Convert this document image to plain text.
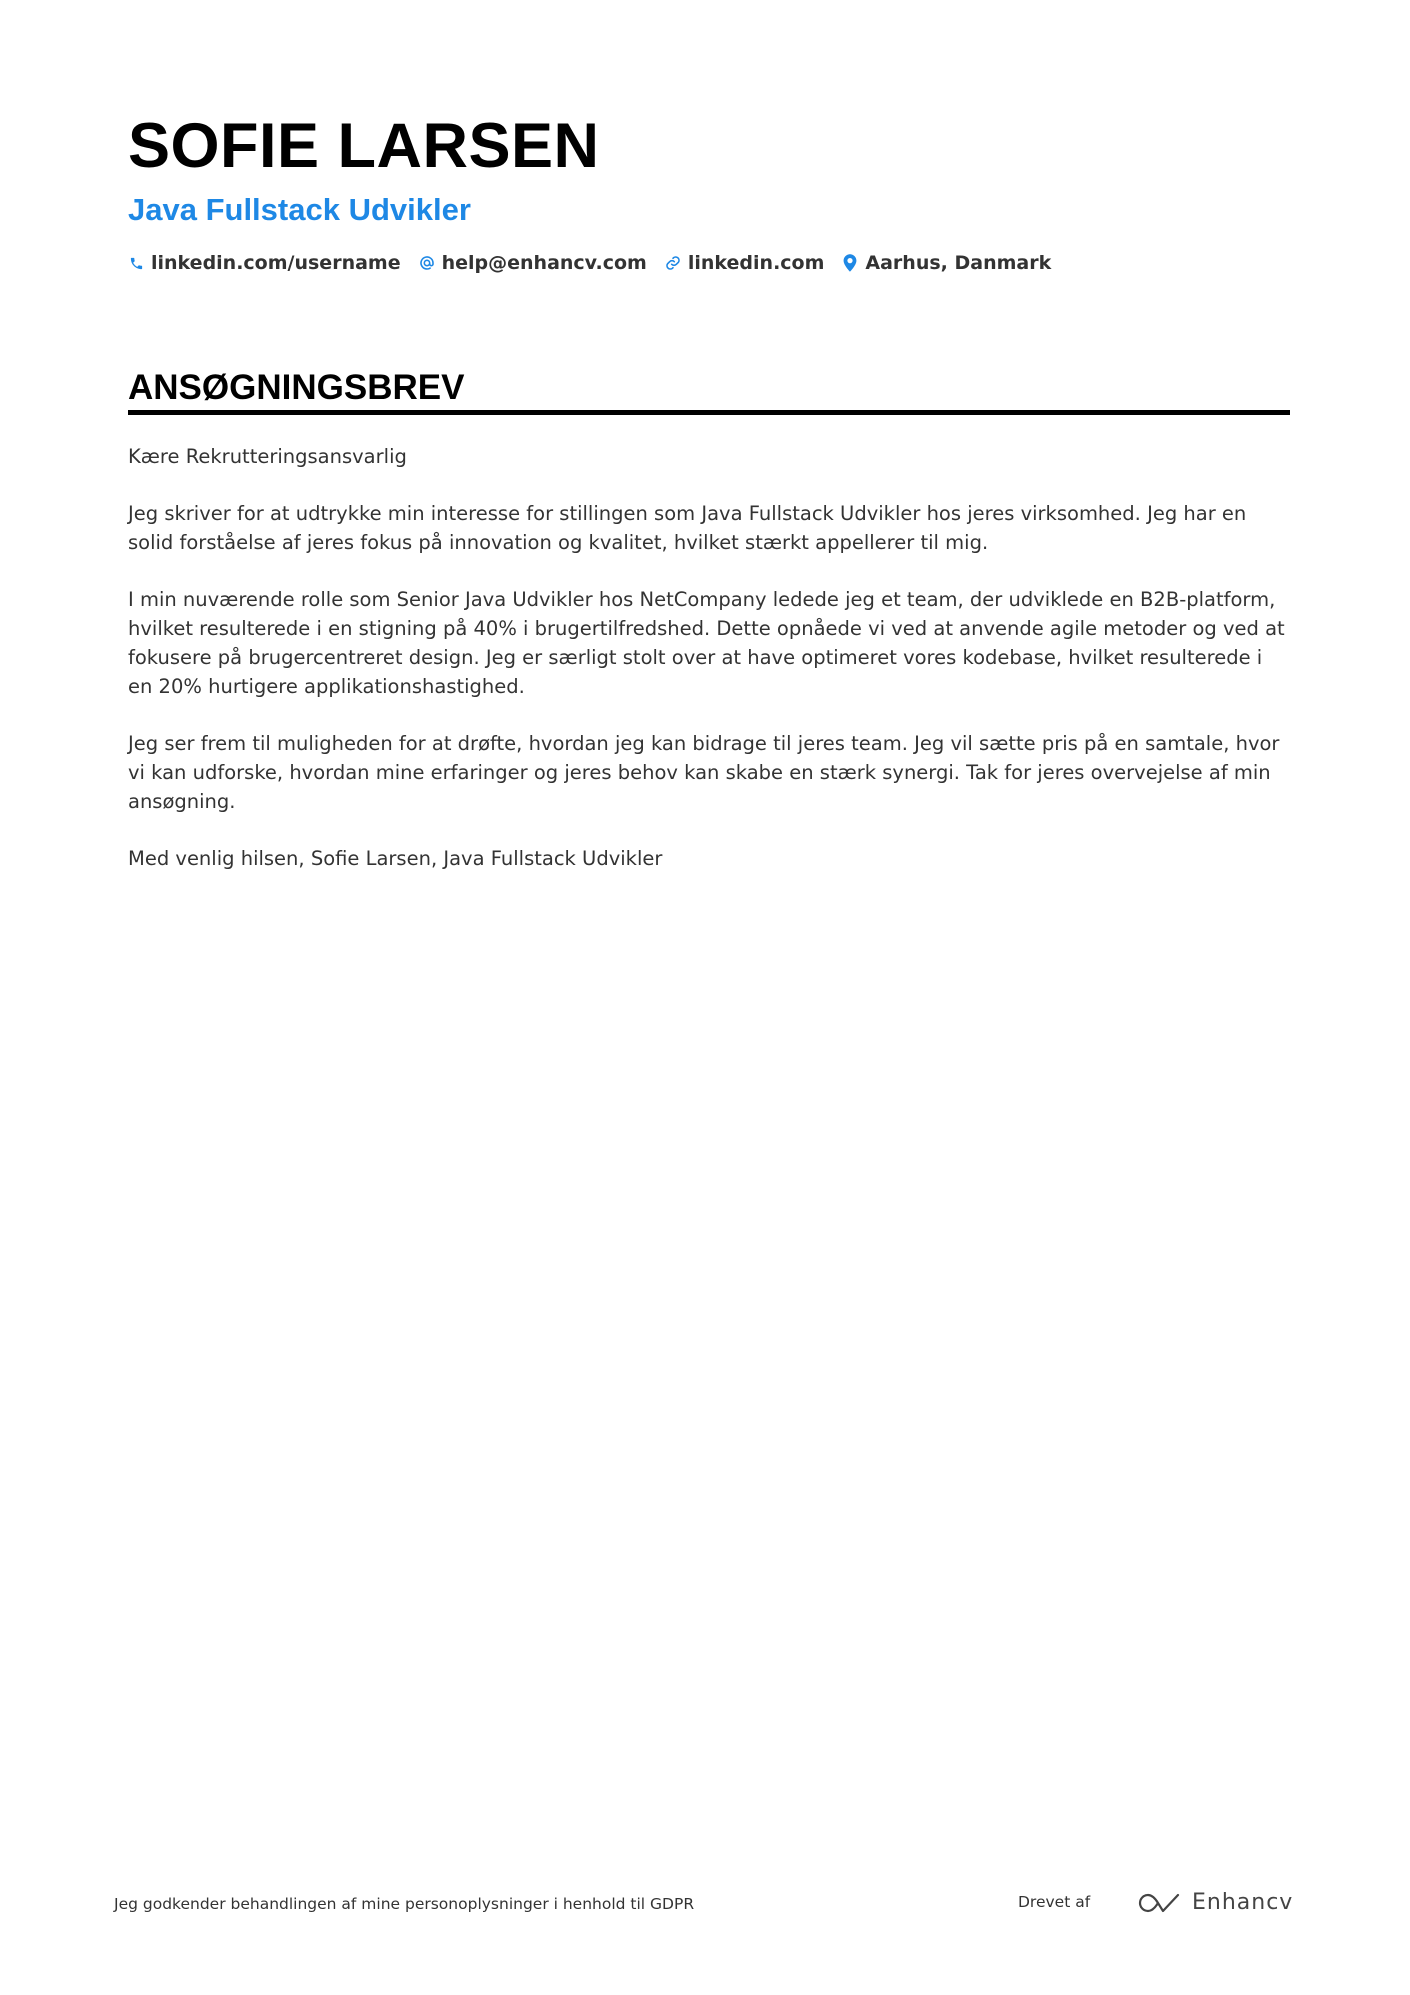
SOFIE LARSEN
Java Fullstack Udvikler
linkedin.com/username help@enhancv.com linkedin.com Aarhus, Danmark
ANSØGNINGSBREV

Kære Rekrutteringsansvarlig

Jeg skriver for at udtrykke min interesse for stillingen som Java Fullstack Udvikler hos jeres virksomhed. Jeg har en solid forståelse af jeres fokus på innovation og kvalitet, hvilket stærkt appellerer til mig.

I min nuværende rolle som Senior Java Udvikler hos NetCompany ledede jeg et team, der udviklede en B2B-platform, hvilket resulterede i en stigning på 40% i brugertilfredshed. Dette opnåede vi ved at anvende agile metoder og ved at fokusere på brugercentreret design. Jeg er særligt stolt over at have optimeret vores kodebase, hvilket resulterede i en 20% hurtigere applikationshastighed.

Jeg ser frem til muligheden for at drøfte, hvordan jeg kan bidrage til jeres team. Jeg vil sætte pris på en samtale, hvor vi kan udforske, hvordan mine erfaringer og jeres behov kan skabe en stærk synergi. Tak for jeres overvejelse af min ansøgning.

Med venlig hilsen, Sofie Larsen, Java Fullstack Udvikler

Jeg godkender behandlingen af mine personoplysninger i henhold til GDPR	Drevet af	Enhancv
